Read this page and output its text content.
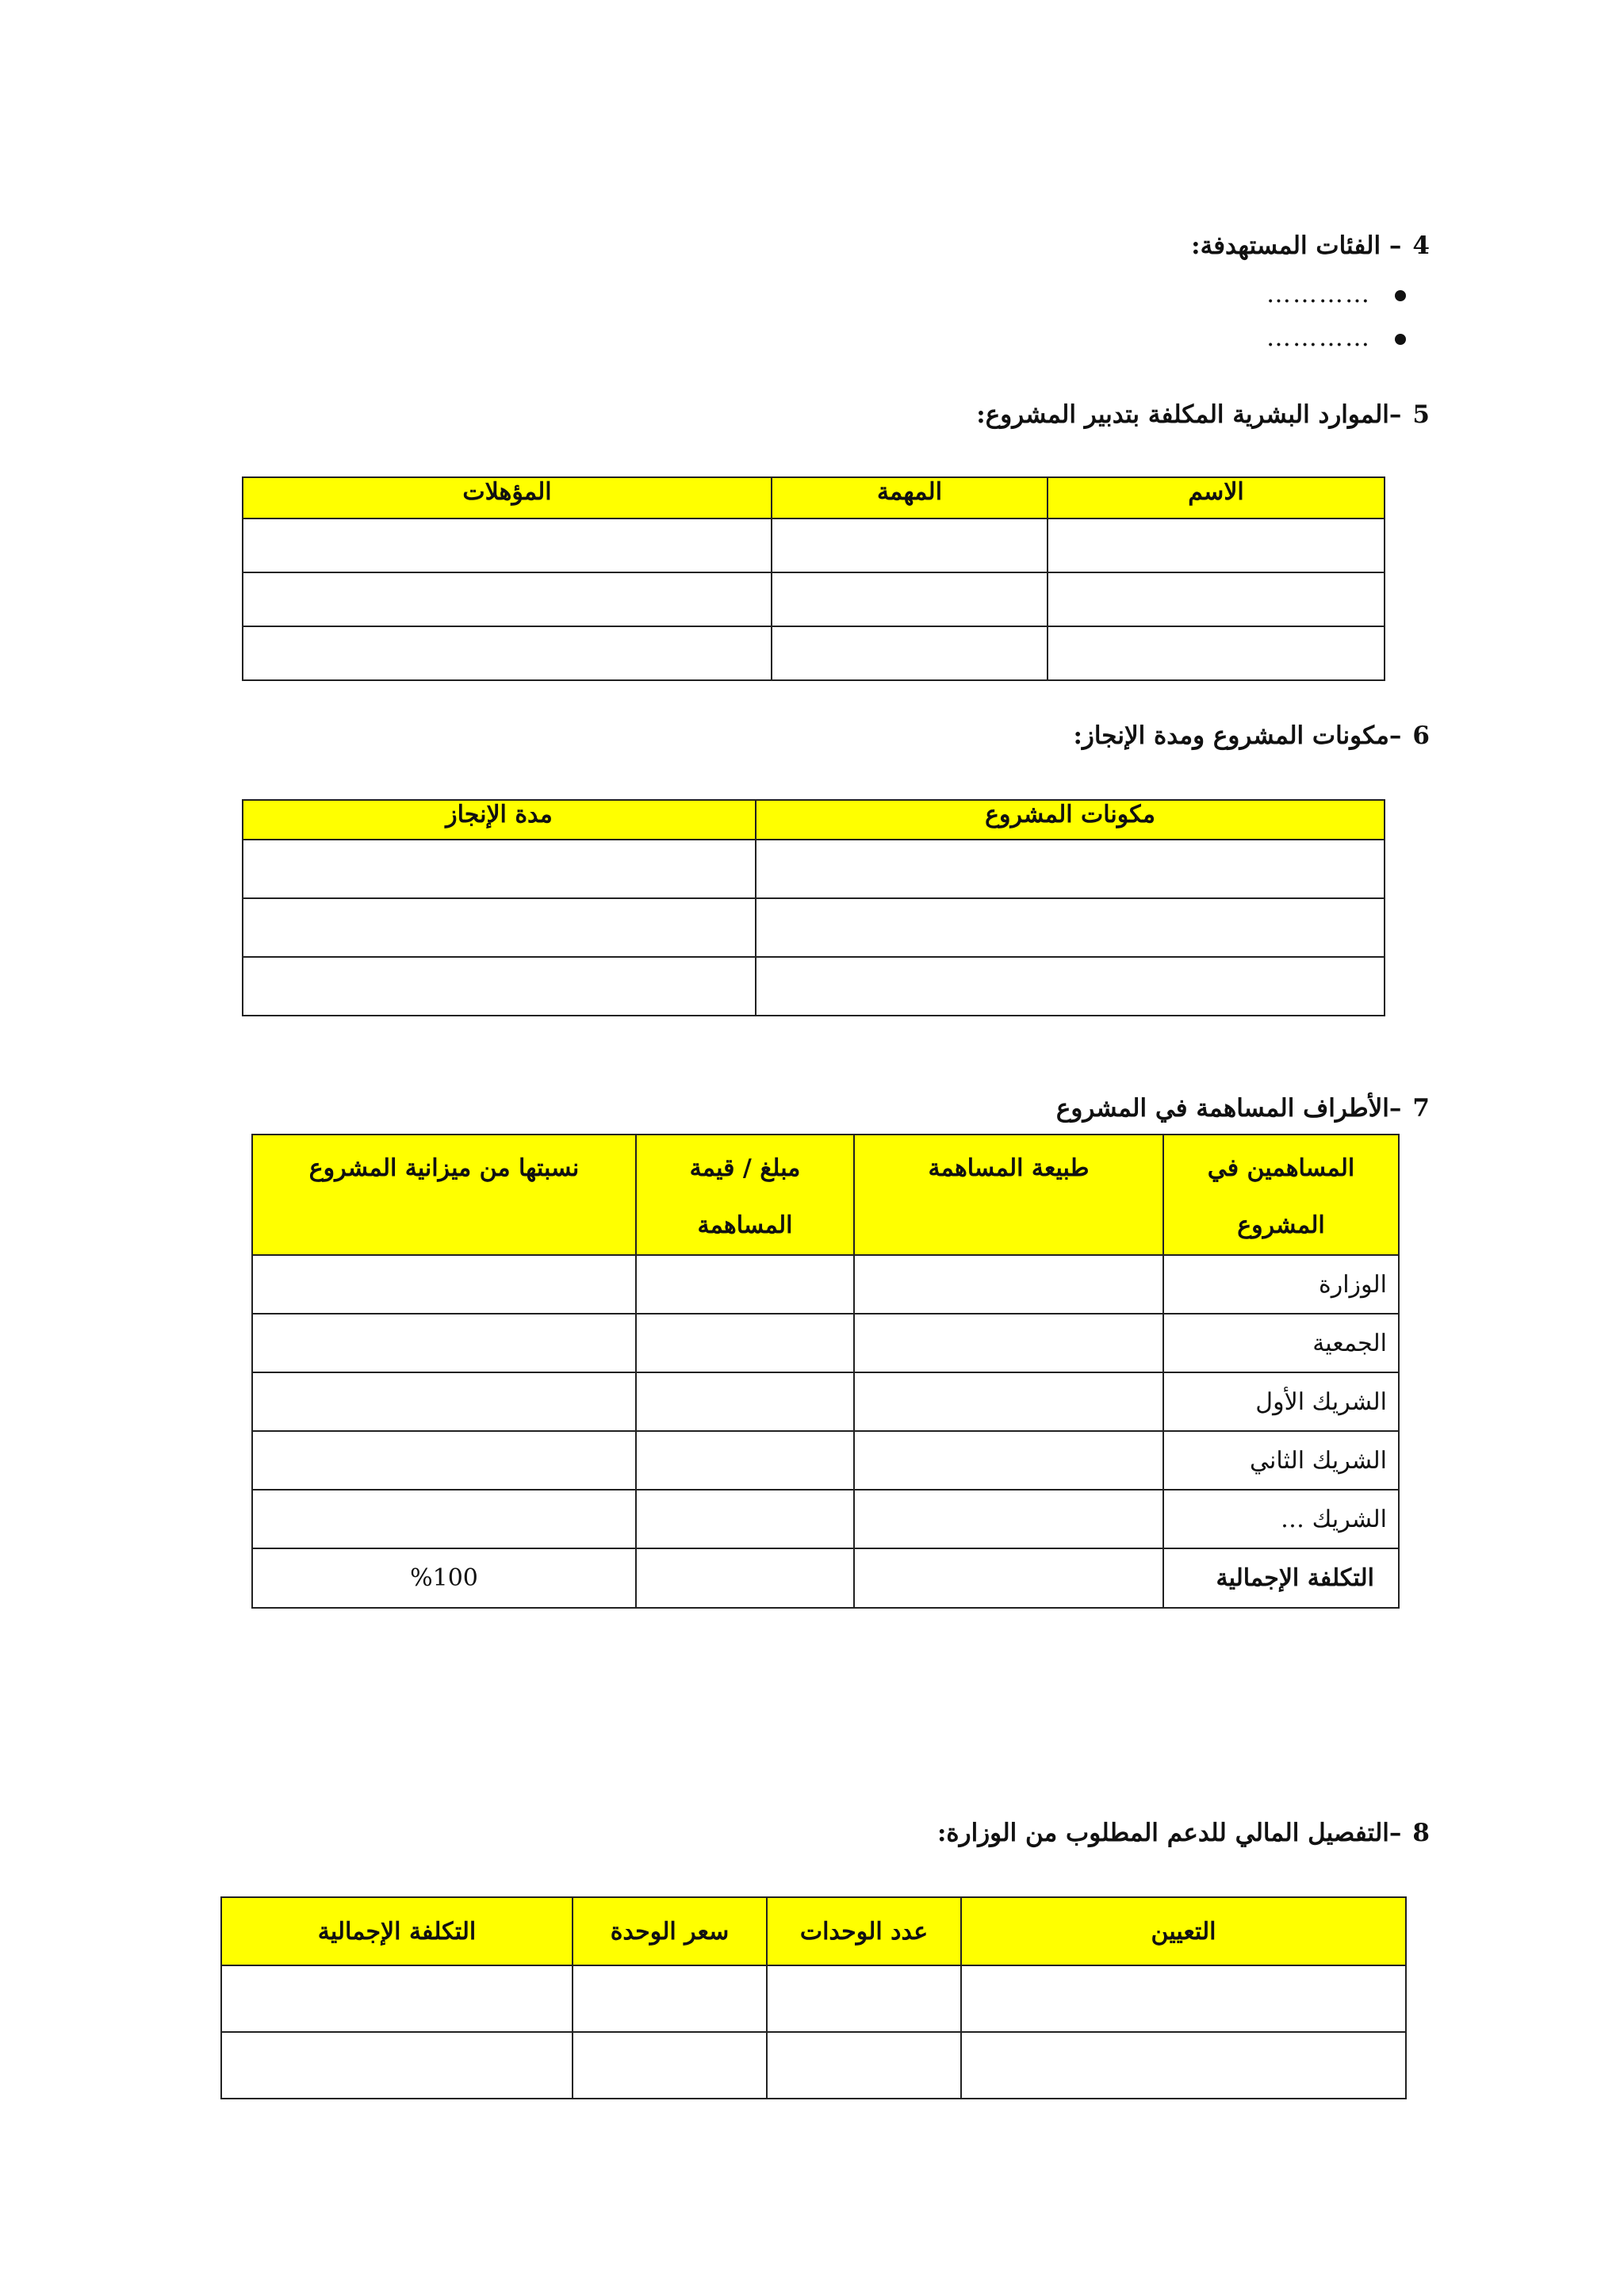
4– الفئات المستهدفة:
…………
…………
5–الموارد البشرية المكلفة بتدبير المشروع:
الاسم	المهمة	المؤهلات

6–مكونات المشروع ومدة الإنجاز:
مكونات المشروع	مدة الإنجاز

7–الأطراف المساهمة في المشروع
المساهمين في المشروع	طبيعة المساهمة	مبلغ / قيمة المساهمة	نسبتها من ميزانية المشروع
الوزارة			
الجمعية			
الشريك الأول			
الشريك الثاني			
الشريك …			
التكلفة الإجمالية			%100
8–التفصيل المالي للدعم المطلوب من الوزارة:
التعيين	عدد الوحدات	سعر الوحدة	التكلفة الإجمالية
